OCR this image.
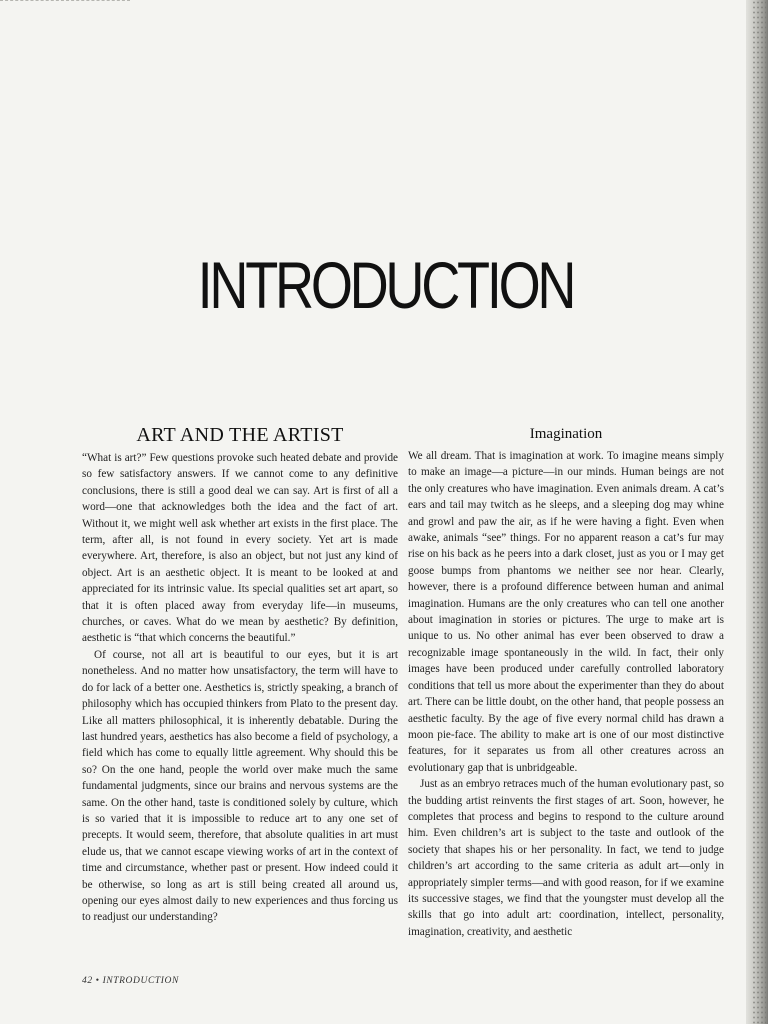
INTRODUCTION
ART AND THE ARTIST

“What is art?” Few questions provoke such heated debate and provide so few satisfactory answers. If we cannot come to any definitive conclusions, there is still a good deal we can say. Art is first of all a word—one that acknowledges both the idea and the fact of art. Without it, we might well ask whether art exists in the first place. The term, after all, is not found in every society. Yet art is made everywhere. Art, therefore, is also an object, but not just any kind of object. Art is an aesthetic object. It is meant to be looked at and appreciated for its intrinsic value. Its special qualities set art apart, so that it is often placed away from everyday life—in museums, churches, or caves. What do we mean by aesthetic? By definition, aesthetic is “that which concerns the beautiful.”

Of course, not all art is beautiful to our eyes, but it is art nonetheless. And no matter how unsatisfactory, the term will have to do for lack of a better one. Aesthetics is, strictly speaking, a branch of philosophy which has occupied thinkers from Plato to the present day. Like all matters philosophical, it is inherently debatable. During the last hundred years, aesthetics has also become a field of psychology, a field which has come to equally little agreement. Why should this be so? On the one hand, people the world over make much the same fundamental judgments, since our brains and nervous systems are the same. On the other hand, taste is conditioned solely by culture, which is so varied that it is impossible to reduce art to any one set of precepts. It would seem, therefore, that absolute qualities in art must elude us, that we cannot escape viewing works of art in the context of time and circumstance, whether past or present. How indeed could it be otherwise, so long as art is still being created all around us, opening our eyes almost daily to new experiences and thus forcing us to readjust our understanding?

Imagination

We all dream. That is imagination at work. To imagine means simply to make an image—a picture—in our minds. Human beings are not the only creatures who have imagination. Even animals dream. A cat’s ears and tail may twitch as he sleeps, and a sleeping dog may whine and growl and paw the air, as if he were having a fight. Even when awake, animals “see” things. For no apparent reason a cat’s fur may rise on his back as he peers into a dark closet, just as you or I may get goose bumps from phantoms we neither see nor hear. Clearly, however, there is a profound difference between human and animal imagination. Humans are the only creatures who can tell one another about imagination in stories or pictures. The urge to make art is unique to us. No other animal has ever been observed to draw a recognizable image spontaneously in the wild. In fact, their only images have been produced under carefully controlled laboratory conditions that tell us more about the experimenter than they do about art. There can be little doubt, on the other hand, that people possess an aesthetic faculty. By the age of five every normal child has drawn a moon pie-face. The ability to make art is one of our most distinctive features, for it separates us from all other creatures across an evolutionary gap that is unbridgeable.

Just as an embryo retraces much of the human evolutionary past, so the budding artist reinvents the first stages of art. Soon, however, he completes that process and begins to respond to the culture around him. Even children’s art is subject to the taste and outlook of the society that shapes his or her personality. In fact, we tend to judge children’s art according to the same criteria as adult art—only in appropriately simpler terms—and with good reason, for if we examine its successive stages, we find that the youngster must develop all the skills that go into adult art: coordination, intellect, personality, imagination, creativity, and aesthetic

42 • INTRODUCTION
